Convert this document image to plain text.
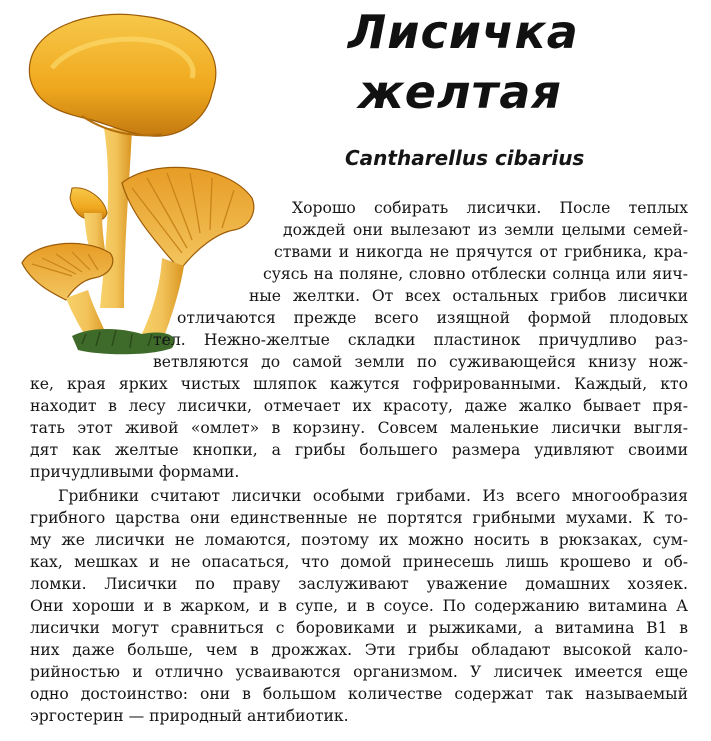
Лисичка
желтая
Cantharellus cibarius
Хорошо собирать лисички. После теплых
дождей они вылезают из земли целыми семей-
ствами и никогда не прячутся от грибника, кра-
суясь на поляне, словно отблески солнца или яич-
ные желтки. От всех остальных грибов лисички
отличаются прежде всего изящной формой плодовых
тел. Нежно-желтые складки пластинок причудливо раз-
ветвляются до самой земли по суживающейся книзу нож-
ке, края ярких чистых шляпок кажутся гофрированными. Каждый, кто
находит в лесу лисички, отмечает их красоту, даже жалко бывает пря-
тать этот живой «омлет» в корзину. Совсем маленькие лисички выгля-
дят как желтые кнопки, а грибы большего размера удивляют своими
причудливыми формами.
Грибники считают лисички особыми грибами. Из всего многообразия
грибного царства они единственные не портятся грибными мухами. К то-
му же лисички не ломаются, поэтому их можно носить в рюкзаках, сум-
ках, мешках и не опасаться, что домой принесешь лишь крошево и об-
ломки. Лисички по праву заслуживают уважение домашних хозяек.
Они хороши и в жарком, и в супе, и в соусе. По содержанию витамина А
лисички могут сравниться с боровиками и рыжиками, а витамина B1 в
них даже больше, чем в дрожжах. Эти грибы обладают высокой кало-
рийностью и отлично усваиваются организмом. У лисичек имеется еще
одно достоинство: они в большом количестве содержат так называемый
эргостерин — природный антибиотик.
